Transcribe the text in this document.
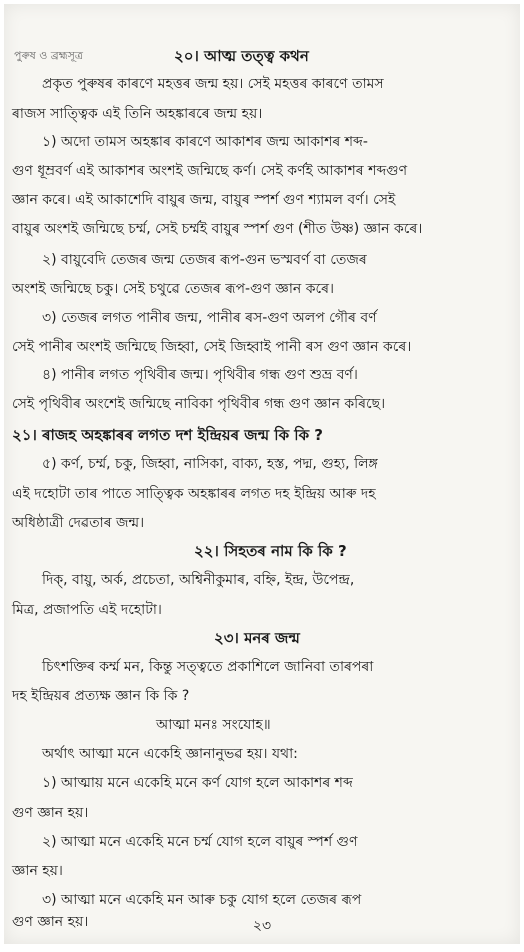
পুৰুষ ও ব্রহ্মসূত্ৰ	২০। আত্ম তত্ত্ব কথন
প্রকৃত পুৰুষৰ কাৰণে মহত্তৰ জন্ম হয়। সেই মহত্তৰ কাৰণে তামস
ৰাজস সাত্ত্বিক এই তিনি অহঙ্কাৰৰে জন্ম হয়।
১) অদো তামস অহঙ্কাৰ কাৰণে আকাশৰ জন্ম আকাশৰ শব্দ-
গুণ ধূম্রবর্ণ এই আকাশৰ অংশই জন্মিছে কর্ণ। সেই কর্ণই আকাশৰ শব্দগুণ
জ্ঞান কৰে। এই আকাশেদি বায়ুৰ জন্ম, বায়ুৰ স্পর্শ গুণ শ্যামল বৰ্ণ। সেই
বায়ুৰ অংশই জন্মিছে চর্ম্ম, সেই চর্ম্মই বায়ুৰ স্পর্শ গুণ (শীত উষ্ণ) জ্ঞান কৰে।
২) বায়ুবেদি তেজৰ জন্ম তেজৰ ৰূপ-গুন ভস্মবর্ণ বা তেজৰ
অংশই জন্মিছে চকু। সেই চথুৱে তেজৰ ৰূপ-গুণ জ্ঞান কৰে।
৩) তেজৰ লগত পানীৰ জন্ম, পানীৰ ৰস-গুণ অলপ গৌৰ বর্ণ
সেই পানীৰ অংশই জন্মিছে জিহ্বা, সেই জিহ্বাই পানী ৰস গুণ জ্ঞান কৰে।
৪) পানীৰ লগত পৃথিবীৰ জন্ম। পৃথিবীৰ গন্ধ গুণ শুভ্র বর্ণ।
সেই পৃথিবীৰ অংশেই জন্মিছে নাবিকা পৃথিবীৰ গন্ধ গুণ জ্ঞান কৰিছে।
২১। ৰাজহ অহঙ্কাৰৰ লগত দশ ইন্দ্ৰিয়ৰ জন্ম কি কি ?
৫) কর্ণ, চর্ম্ম, চকু, জিহ্বা, নাসিকা, বাক্য, হস্ত, পদ্ম, গুহ্য, লিঙ্গ
এই দহোটা তাৰ পাতে সাত্ত্বিক অহঙ্কাৰৰ লগত দহ ইন্দ্রিয় আৰু দহ
অধিষ্ঠাত্রী দেৱতাৰ জন্ম।
২২। সিহতৰ নাম কি কি ?
দিক্‌, বায়ু, অর্ক, প্রচেতা, অশ্বিনীকুমাৰ, বহ্নি, ইন্দ্র, উপেন্দ্র,
মিত্র, প্রজাপতি এই দহোটা।
২৩। মনৰ জন্ম
চিৎশক্তিৰ কর্ম্ম মন, কিন্তু সত্ত্বতে প্রকাশিলে জানিবা তাৰপৰা
দহ ইন্দ্রিয়ৰ প্রত্যক্ষ জ্ঞান কি কি ?
আত্মা মনঃ সংযোহ॥
অর্থাৎ আত্মা মনে একেহি জ্ঞানানুভৱ হয়। যথা:
১) আত্মায় মনে একেহি মনে কর্ণ যোগ হলে আকাশৰ শব্দ
গুণ জ্ঞান হয়।
২) আত্মা মনে একেহি মনে চর্ম্ম যোগ হলে বায়ুৰ স্পর্শ গুণ
জ্ঞান হয়।
৩) আত্মা মনে একেহি মন আৰু চকু যোগ হলে তেজৰ ৰূপ
গুণ জ্ঞান হয়।	২৩
